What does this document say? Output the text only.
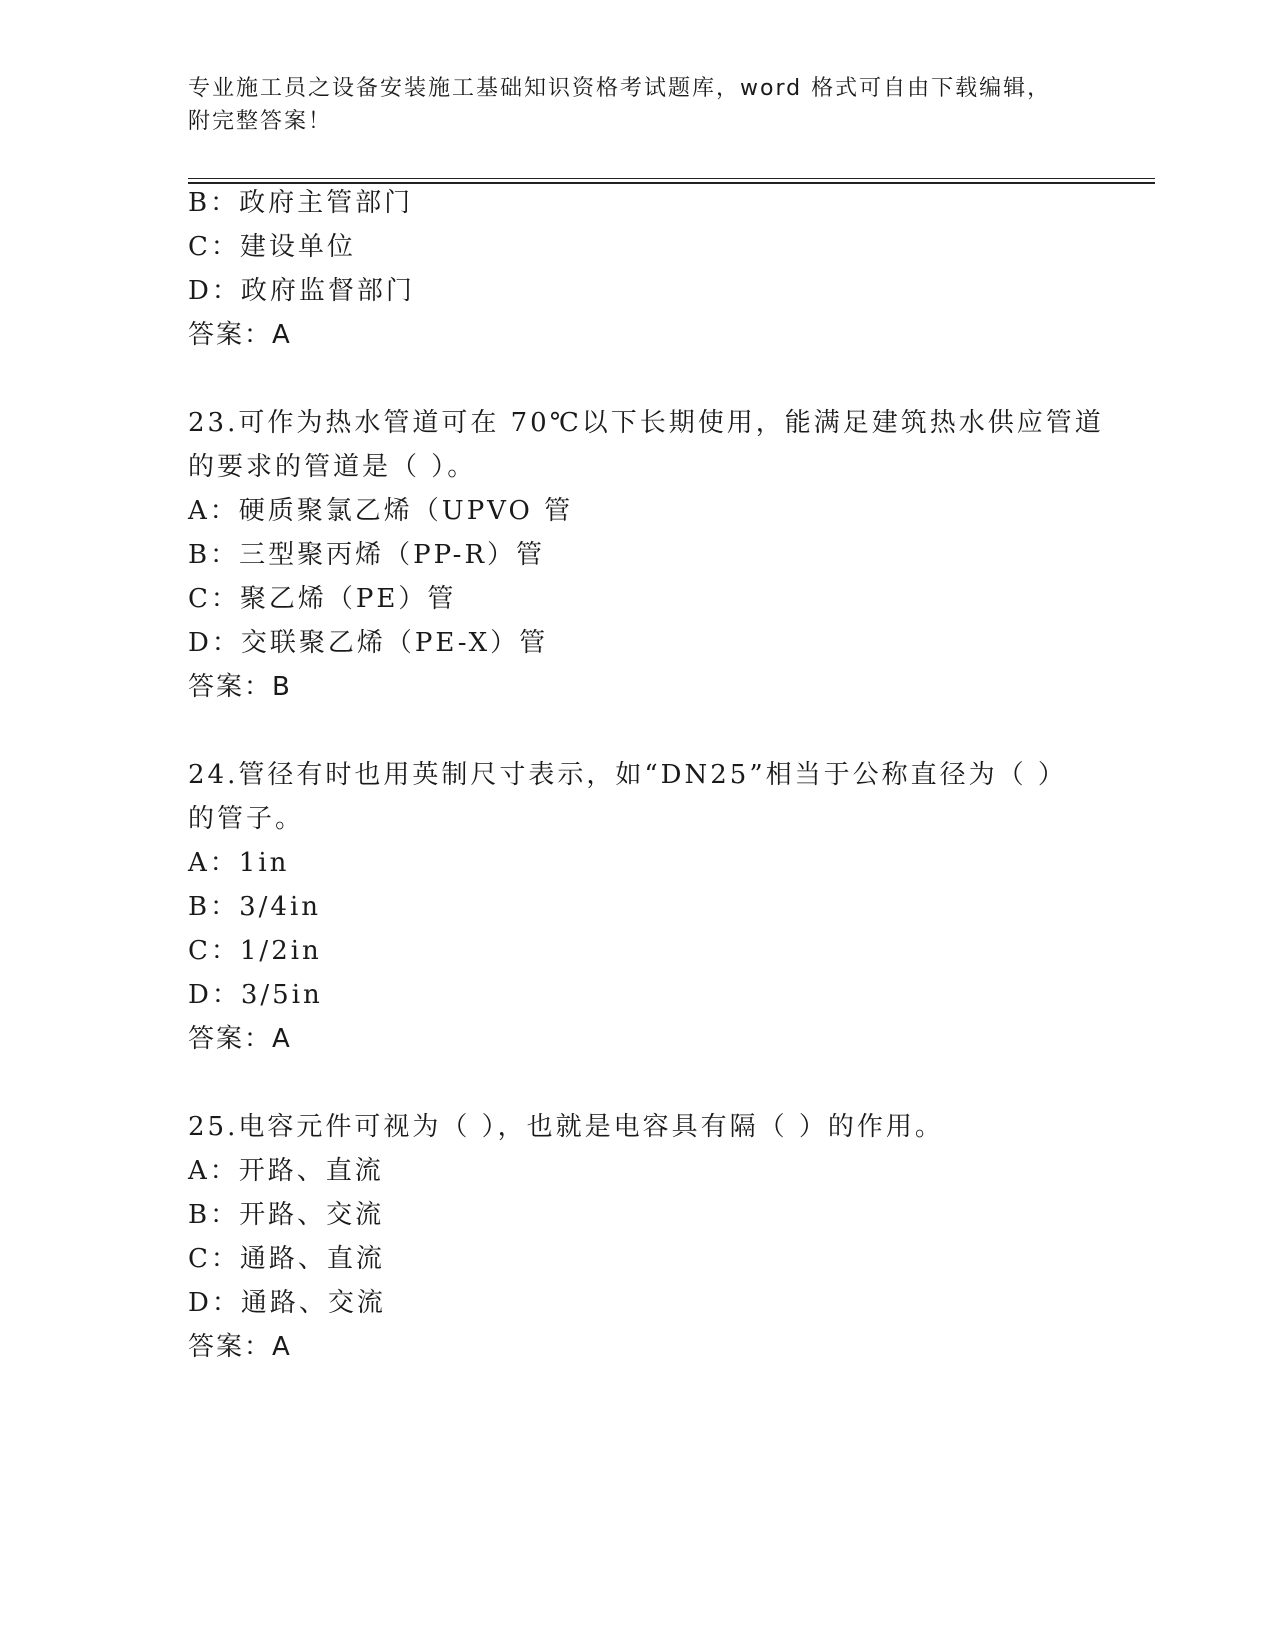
专业施工员之设备安装施工基础知识资格考试题库，word 格式可自由下载编辑，
附完整答案！
B：政府主管部门
C：建设单位
D：政府监督部门
答案：A
23.可作为热水管道可在 70℃以下长期使用，能满足建筑热水供应管道
的要求的管道是（ ）。
A：硬质聚氯乙烯（UPVO 管
B：三型聚丙烯（PP-R）管
C：聚乙烯（PE）管
D：交联聚乙烯（PE-X）管
答案：B
24.管径有时也用英制尺寸表示，如“DN25”相当于公称直径为（ ）
的管子。
A：1in
B：3/4in
C：1/2in
D：3/5in
答案：A
25.电容元件可视为（ ），也就是电容具有隔（ ）的作用。
A：开路、直流
B：开路、交流
C：通路、直流
D：通路、交流
答案：A
